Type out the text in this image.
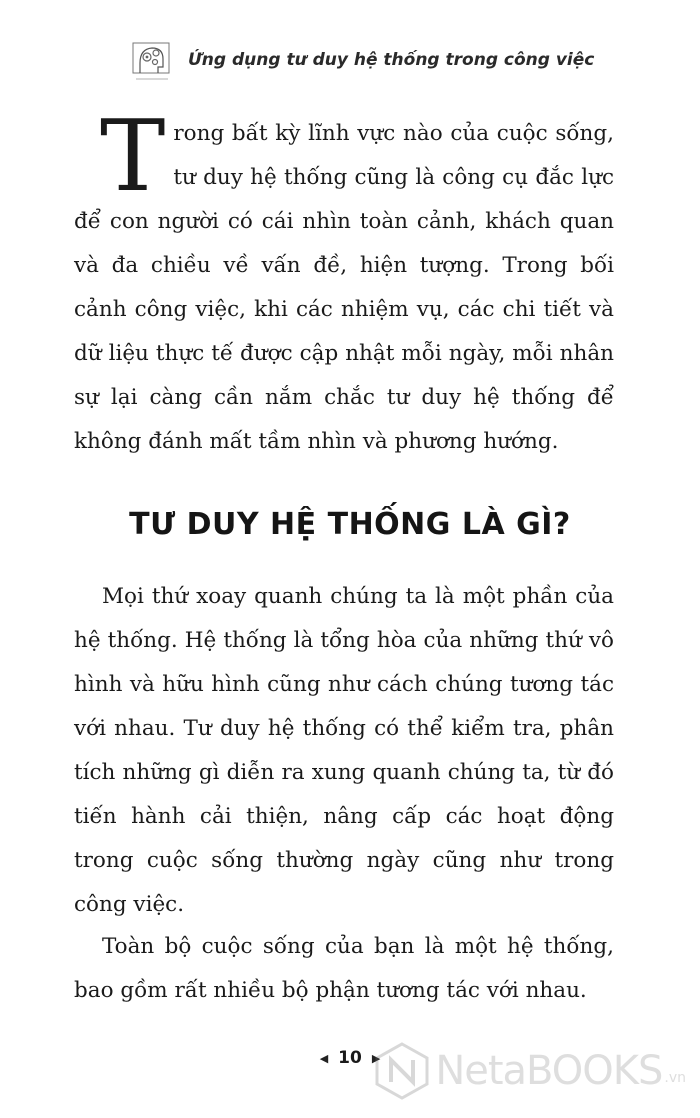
Ứng dụng tư duy hệ thống trong công việc
Trong bất kỳ lĩnh vực nào của cuộc sống, tư duy hệ thống cũng là công cụ đắc lực để con người có cái nhìn toàn cảnh, khách quan và đa chiều về vấn đề, hiện tượng. Trong bối cảnh công việc, khi các nhiệm vụ, các chi tiết và dữ liệu thực tế được cập nhật mỗi ngày, mỗi nhân sự lại càng cần nắm chắc tư duy hệ thống để không đánh mất tầm nhìn và phương hướng.
TƯ DUY HỆ THỐNG LÀ GÌ?

Mọi thứ xoay quanh chúng ta là một phần của hệ thống. Hệ thống là tổng hòa của những thứ vô hình và hữu hình cũng như cách chúng tương tác với nhau. Tư duy hệ thống có thể kiểm tra, phân tích những gì diễn ra xung quanh chúng ta, từ đó tiến hành cải thiện, nâng cấp các hoạt động trong cuộc sống thường ngày cũng như trong công việc.

Toàn bộ cuộc sống của bạn là một hệ thống, bao gồm rất nhiều bộ phận tương tác với nhau.

◀ 10 ▶ NetaBOOKS .vn
